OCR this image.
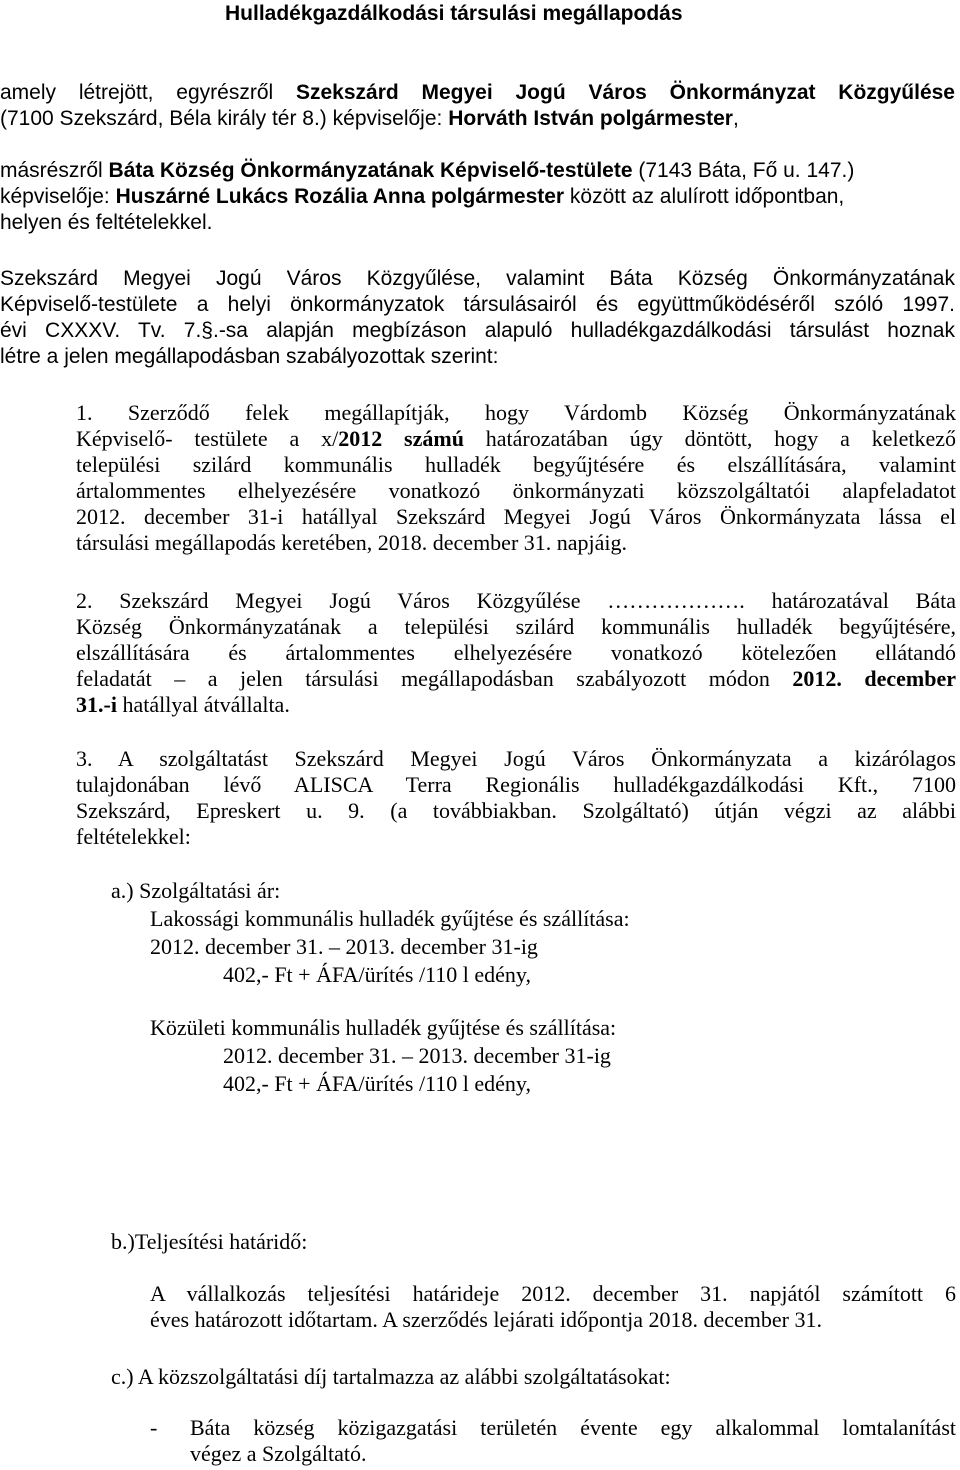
Hulladékgazdálkodási társulási megállapodás
amely létrejött, egyrészről Szekszárd Megyei Jogú Város Önkormányzat Közgyűlése
(7100 Szekszárd, Béla király tér 8.) képviselője: Horváth István polgármester,
másrészről Báta Község Önkormányzatának Képviselő-testülete (7143 Báta, Fő u. 147.)
képviselője: Huszárné Lukács Rozália Anna polgármester között az alulírott időpontban,
helyen és feltételekkel.
Szekszárd Megyei Jogú Város Közgyűlése, valamint Báta Község Önkormányzatának
Képviselő-testülete a helyi önkormányzatok társulásairól és együttműködéséről szóló 1997.
évi CXXXV. Tv. 7.§.-sa alapján megbízáson alapuló hulladékgazdálkodási társulást hoznak
létre a jelen megállapodásban szabályozottak szerint:
1. Szerződő felek megállapítják, hogy Várdomb Község Önkormányzatának
Képviselő- testülete a x/2012 számú határozatában úgy döntött, hogy a keletkező
települési szilárd kommunális hulladék begyűjtésére és elszállítására, valamint
ártalommentes elhelyezésére vonatkozó önkormányzati közszolgáltatói alapfeladatot
2012. december 31-i hatállyal Szekszárd Megyei Jogú Város Önkormányzata lássa el
társulási megállapodás keretében, 2018. december 31. napjáig.
2. Szekszárd Megyei Jogú Város Közgyűlése ………………. határozatával Báta
Község Önkormányzatának a települési szilárd kommunális hulladék begyűjtésére,
elszállítására és ártalommentes elhelyezésére vonatkozó kötelezően ellátandó
feladatát – a jelen társulási megállapodásban szabályozott módon 2012. december
31.-i hatállyal átvállalta.
3. A szolgáltatást Szekszárd Megyei Jogú Város Önkormányzata a kizárólagos
tulajdonában lévő ALISCA Terra Regionális hulladékgazdálkodási Kft., 7100
Szekszárd, Epreskert u. 9. (a továbbiakban. Szolgáltató) útján végzi az alábbi
feltételekkel:

a.) Szolgáltatási ár:

Lakossági kommunális hulladék gyűjtése és szállítása:

2012. december 31. – 2013. december 31-ig

402,- Ft + ÁFA/ürítés /110 l edény,

Közületi kommunális hulladék gyűjtése és szállítása:

2012. december 31. – 2013. december 31-ig

402,- Ft + ÁFA/ürítés /110 l edény,

b.)Teljesítési határidő:

A vállalkozás teljesítési határideje 2012. december 31. napjától számított 6
éves határozott időtartam. A szerződés lejárati időpontja 2018. december 31.

c.) A közszolgáltatási díj tartalmazza az alábbi szolgáltatásokat:

- Báta község közigazgatási területén évente egy alkalommal lomtalanítást
végez a Szolgáltató.
